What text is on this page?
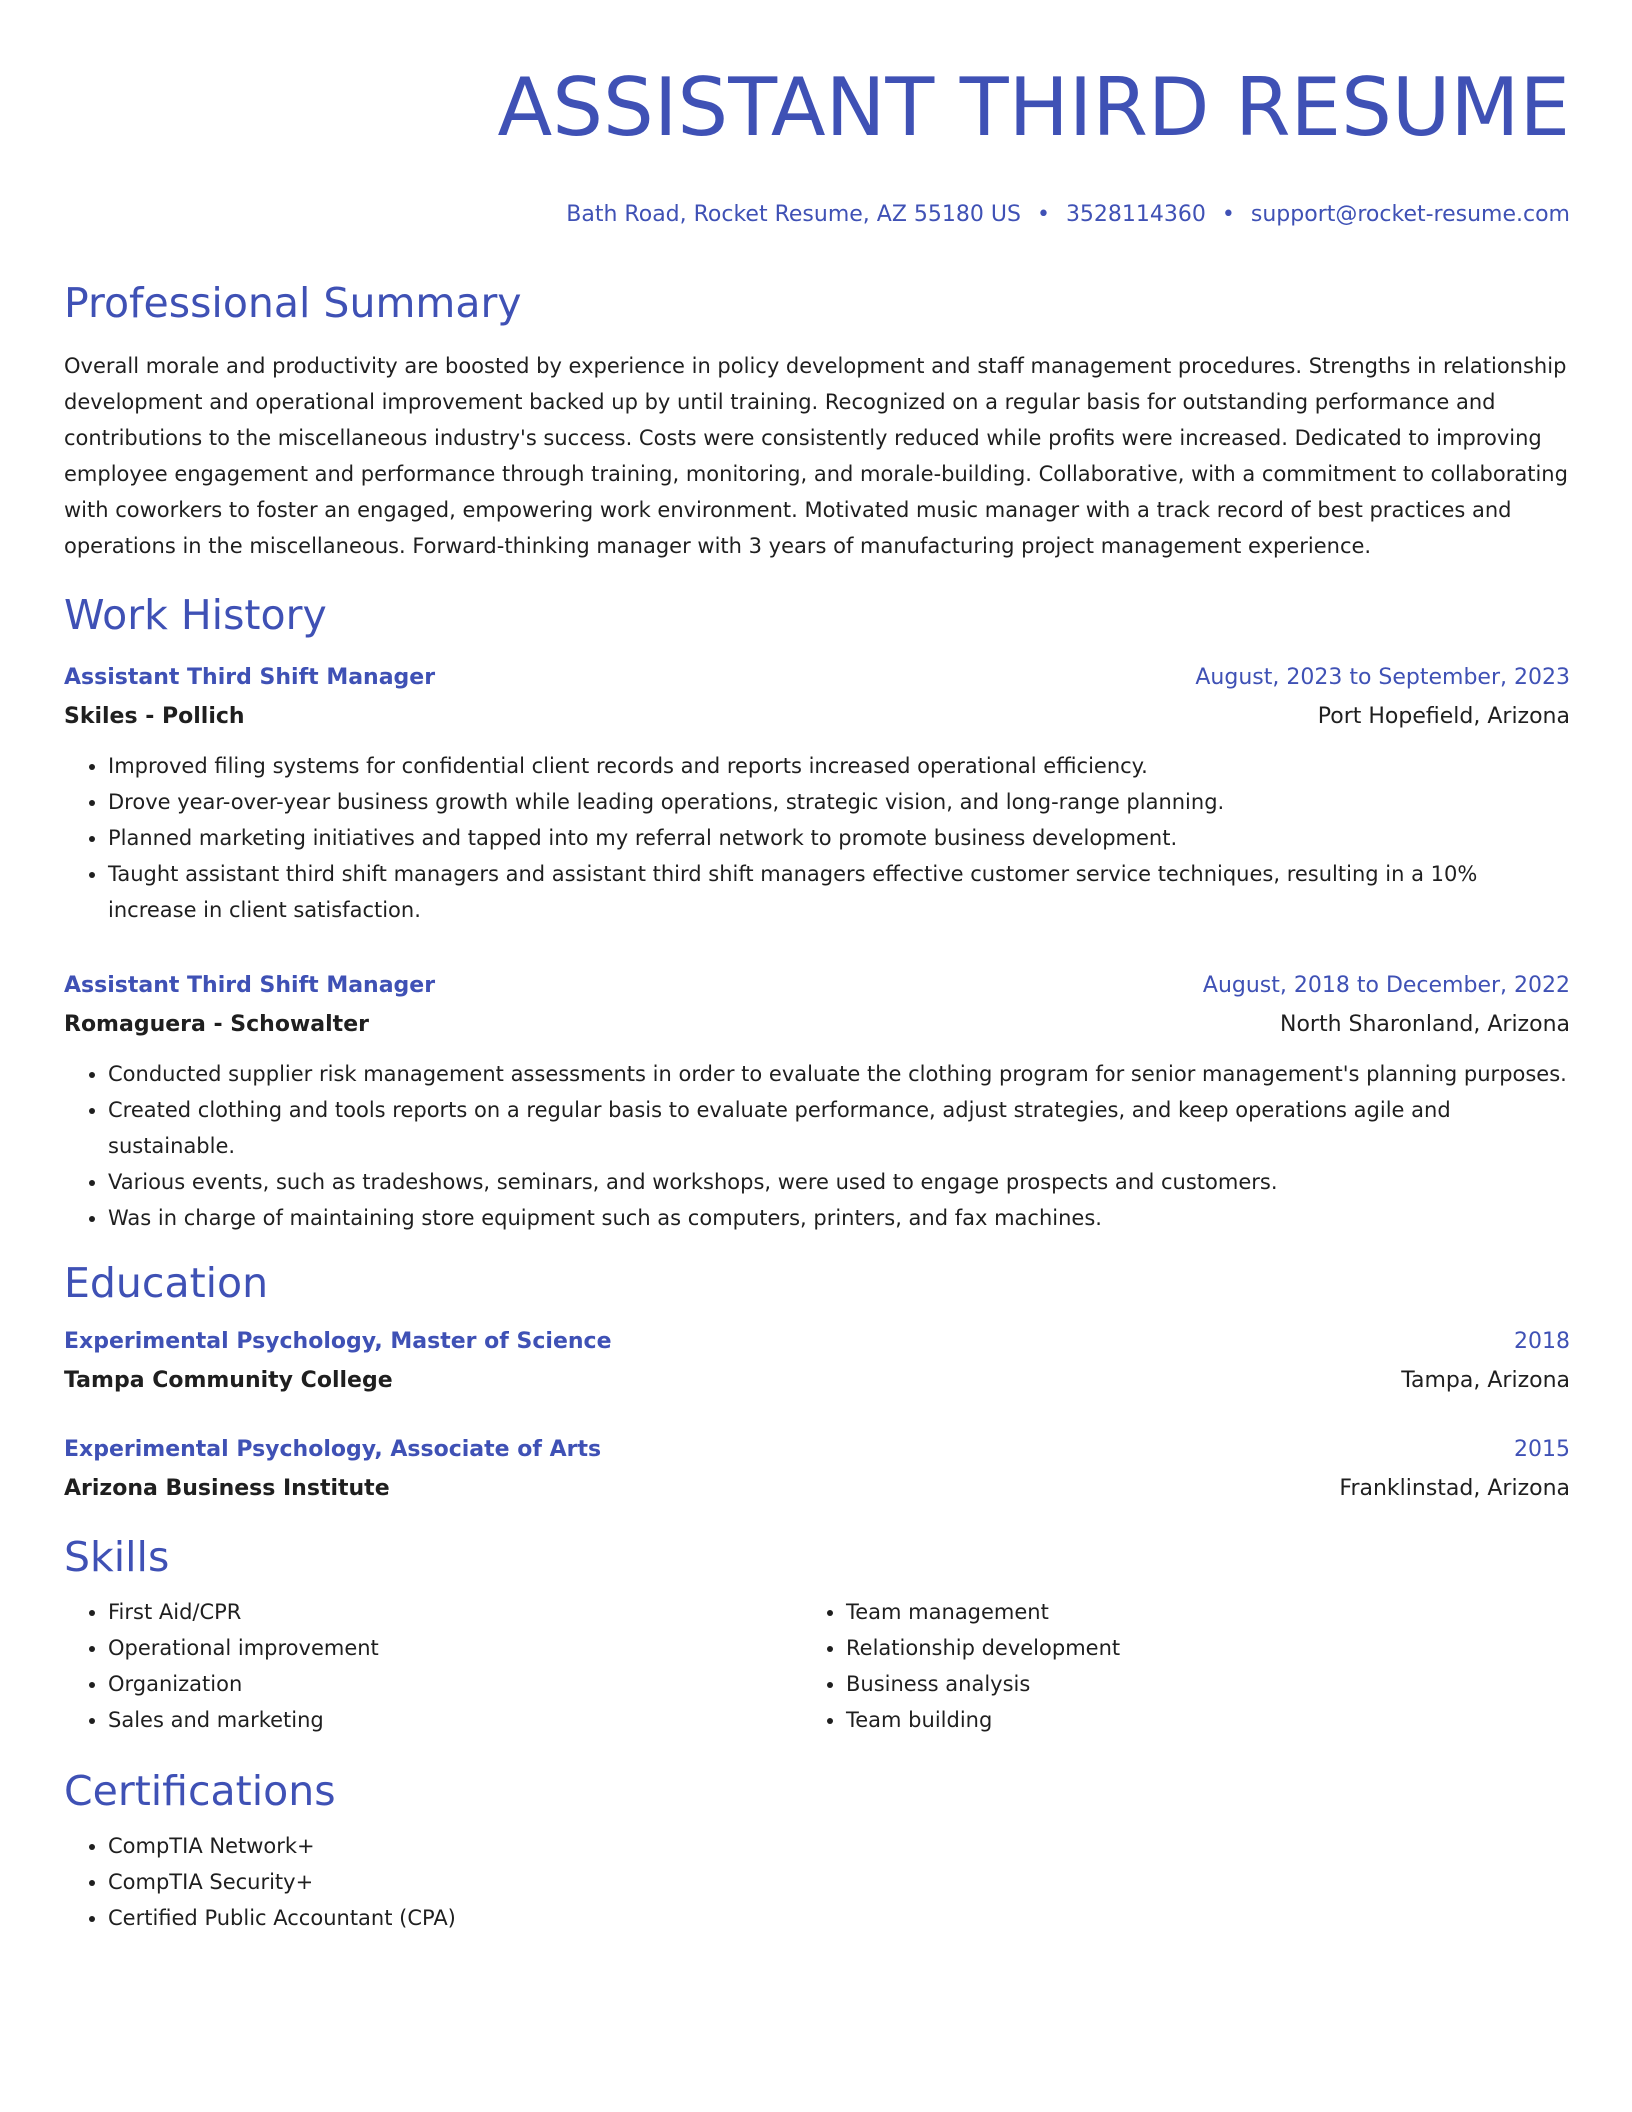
ASSISTANT THIRD RESUME
Bath Road, Rocket Resume, AZ 55180 US • 3528114360 • support@rocket-resume.com
Professional Summary

Overall morale and productivity are boosted by experience in policy development and staff management procedures. Strengths in relationship development and operational improvement backed up by until training. Recognized on a regular basis for outstanding performance and contributions to the miscellaneous industry's success. Costs were consistently reduced while profits were increased. Dedicated to improving employee engagement and performance through training, monitoring, and morale-building. Collaborative, with a commitment to collaborating with coworkers to foster an engaged, empowering work environment. Motivated music manager with a track record of best practices and operations in the miscellaneous. Forward-thinking manager with 3 years of manufacturing project management experience.

Work History
Assistant Third Shift Manager	August, 2023 to September, 2023
Skiles - Pollich	Port Hopefield, Arizona
• Improved filing systems for confidential client records and reports increased operational efficiency.
• Drove year-over-year business growth while leading operations, strategic vision, and long-range planning.
• Planned marketing initiatives and tapped into my referral network to promote business development.
• Taught assistant third shift managers and assistant third shift managers effective customer service techniques, resulting in a 10% increase in client satisfaction.
Assistant Third Shift Manager	August, 2018 to December, 2022
Romaguera - Schowalter	North Sharonland, Arizona
• Conducted supplier risk management assessments in order to evaluate the clothing program for senior management's planning purposes.
• Created clothing and tools reports on a regular basis to evaluate performance, adjust strategies, and keep operations agile and sustainable.
• Various events, such as tradeshows, seminars, and workshops, were used to engage prospects and customers.
• Was in charge of maintaining store equipment such as computers, printers, and fax machines.
Education
Experimental Psychology, Master of Science	2018
Tampa Community College	Tampa, Arizona
Experimental Psychology, Associate of Arts	2015
Arizona Business Institute	Franklinstad, Arizona
Skills
• First Aid/CPR
• Operational improvement
• Organization
• Sales and marketing
• Team management
• Relationship development
• Business analysis
• Team building
Certifications
• CompTIA Network+
• CompTIA Security+
• Certified Public Accountant (CPA)
